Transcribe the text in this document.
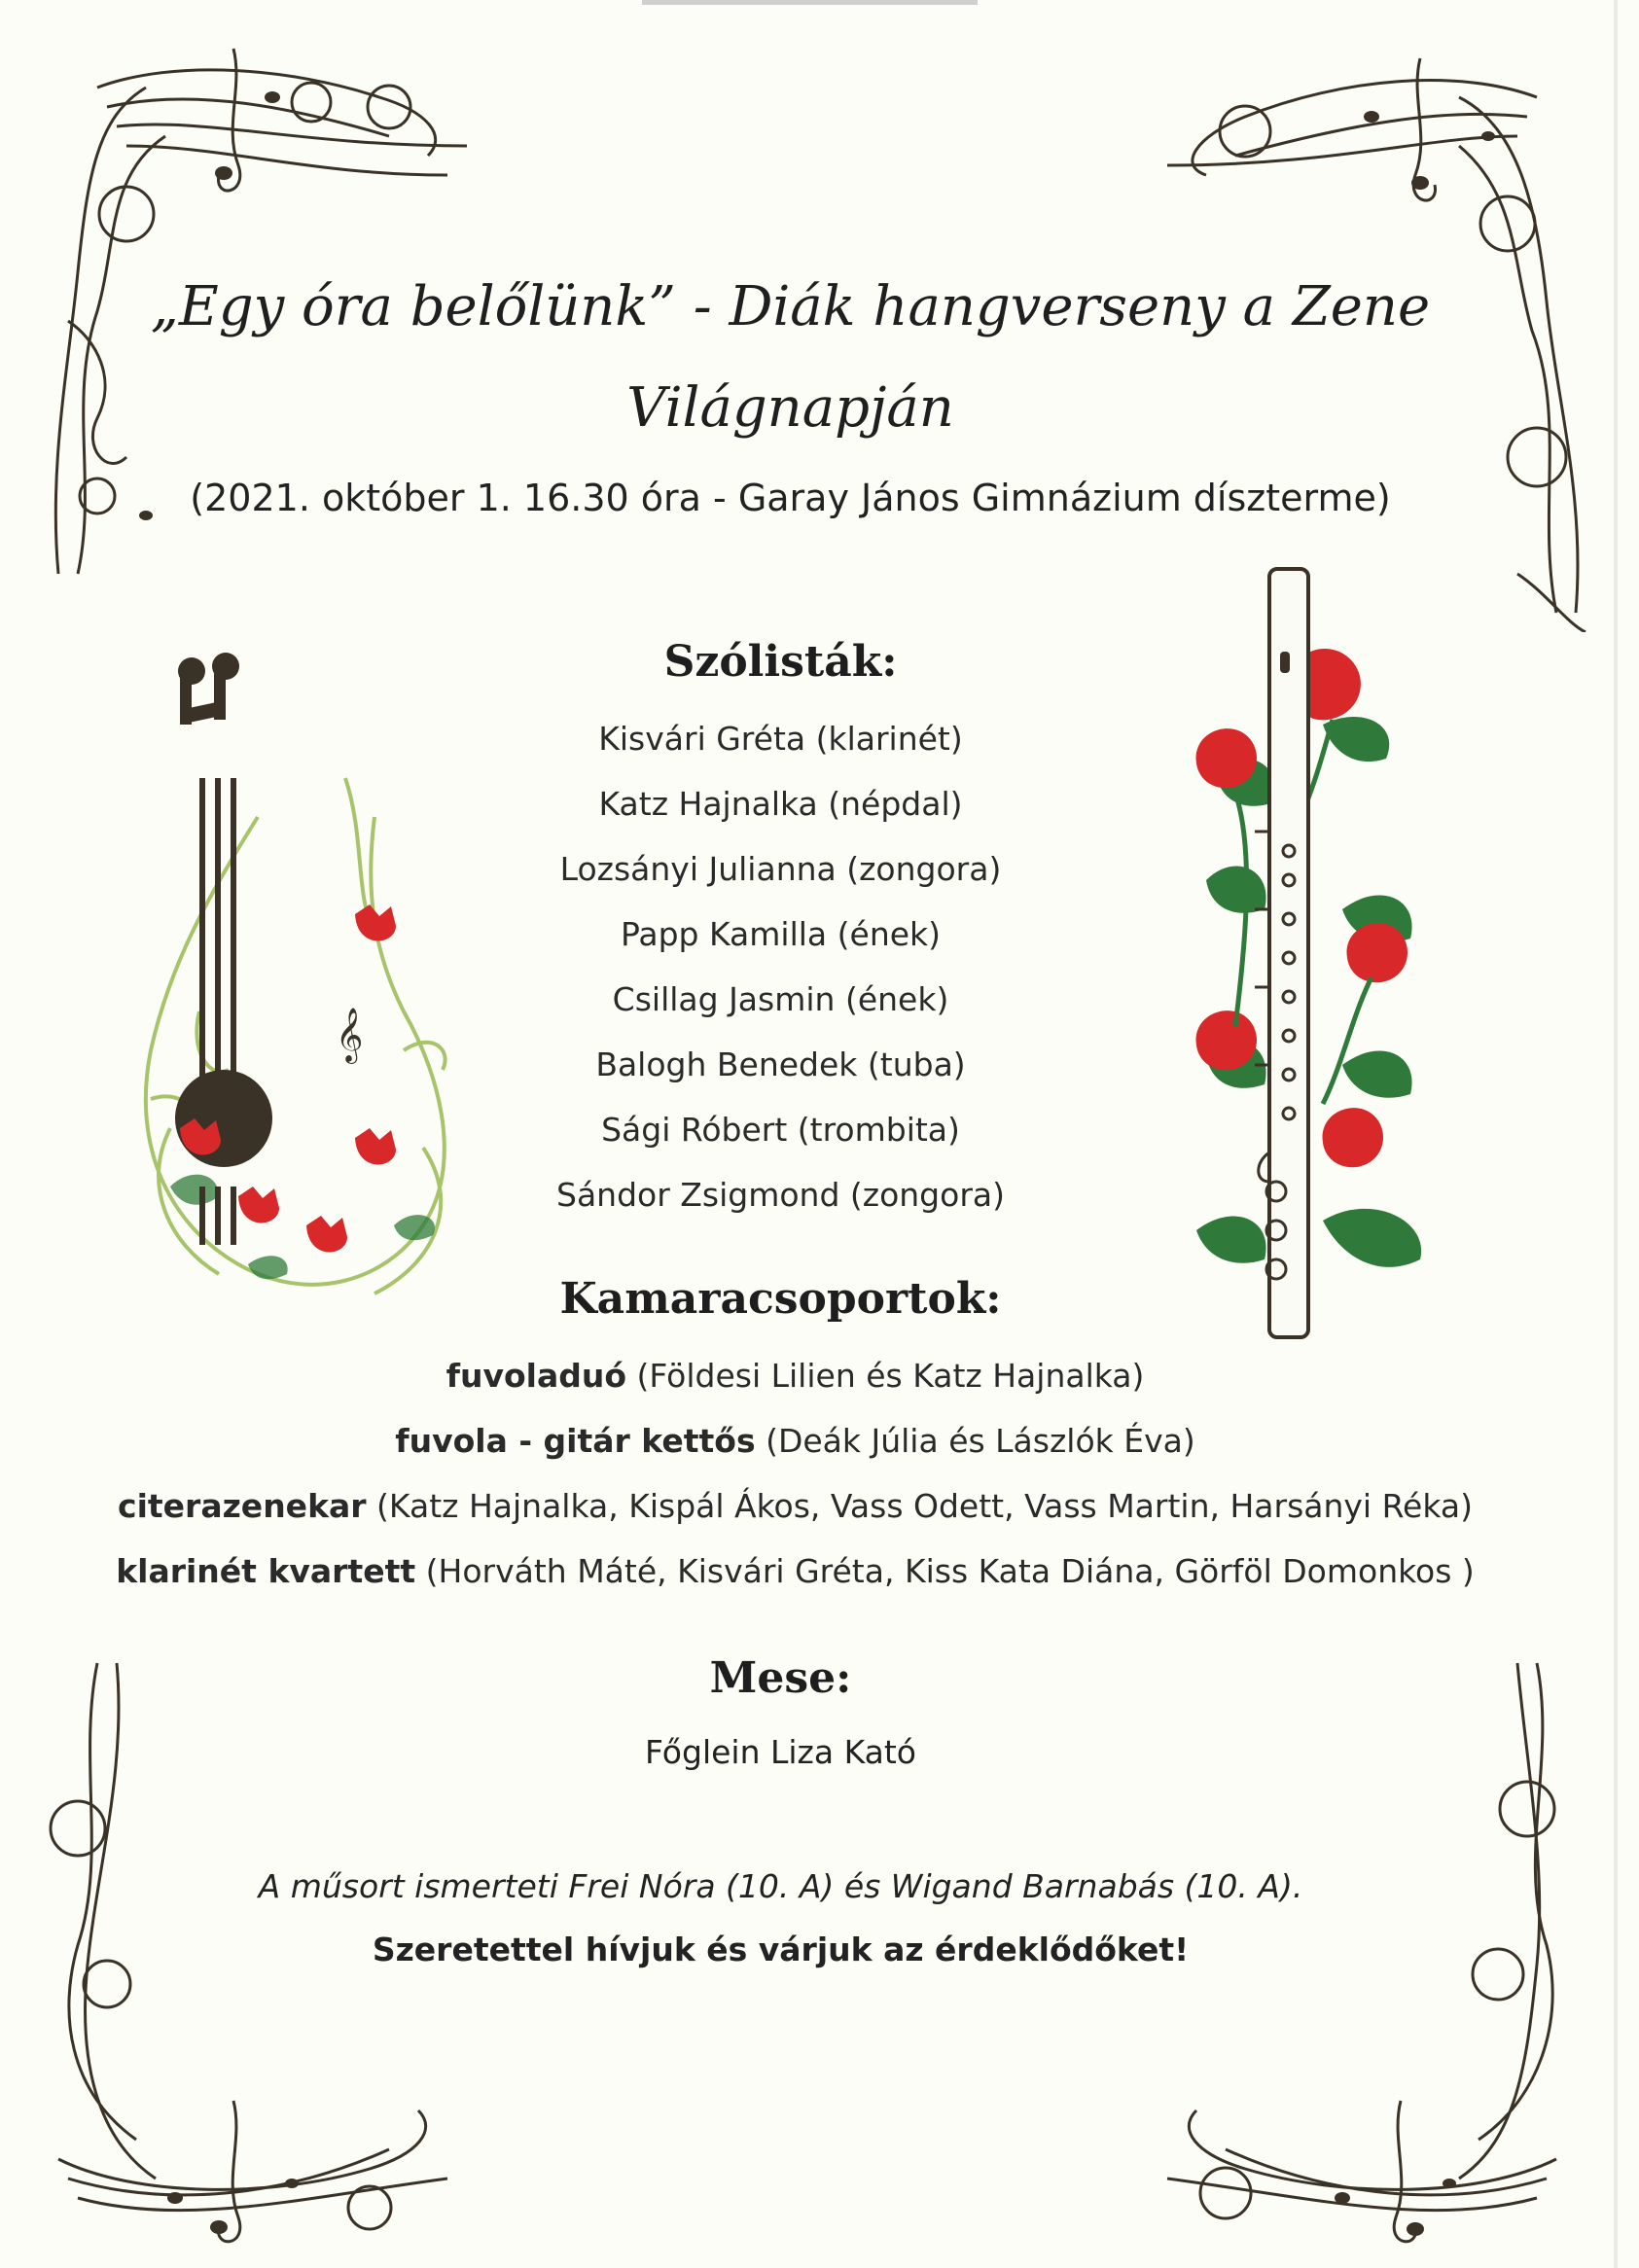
„Egy óra belőlünk” - Diák hangverseny a Zene
Világnapján
(2021. október 1. 16.30 óra - Garay János Gimnázium díszterme)
𝄞
Szólisták:
Kisvári Gréta (klarinét)
Katz Hajnalka (népdal)
Lozsányi Julianna (zongora)
Papp Kamilla (ének)
Csillag Jasmin (ének)
Balogh Benedek (tuba)
Sági Róbert (trombita)
Sándor Zsigmond (zongora)
Kamaracsoportok:
fuvoladuó (Földesi Lilien és Katz Hajnalka)
fuvola - gitár kettős (Deák Júlia és Lászlók Éva)
citerazenekar (Katz Hajnalka, Kispál Ákos, Vass Odett, Vass Martin, Harsányi Réka)
klarinét kvartett (Horváth Máté, Kisvári Gréta, Kiss Kata Diána, Görföl Domonkos )
Mese:
Főglein Liza Kató
A műsort ismerteti Frei Nóra (10. A) és Wigand Barnabás (10. A).
Szeretettel hívjuk és várjuk az érdeklődőket!
